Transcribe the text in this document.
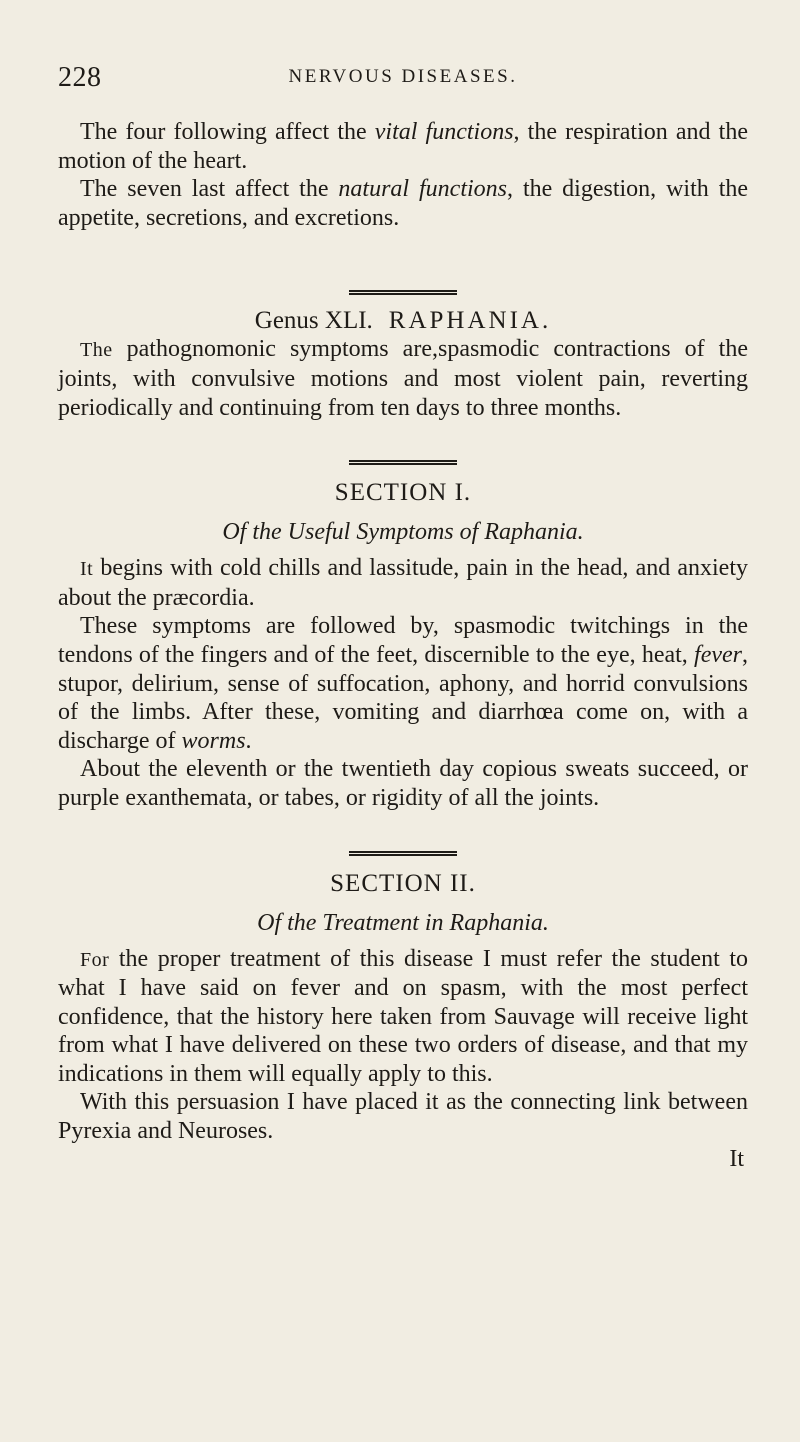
228	NERVOUS DISEASES.

The four following affect the vital functions, the respiration and the motion of the heart.

The seven last affect the natural functions, the digestion, with the appetite, secretions, and excretions.

Genus XLI. RAPHANIA.

The pathognomonic symptoms are,spasmodic contractions of the joints, with convulsive motions and most violent pain, reverting periodically and continuing from ten days to three months.

SECTION I.
Of the Useful Symptoms of Raphania.

It begins with cold chills and lassitude, pain in the head, and anxiety about the præcordia.

These symptoms are followed by, spasmodic twitchings in the tendons of the fingers and of the feet, discernible to the eye, heat, fever, stupor, delirium, sense of suffocation, aphony, and horrid convulsions of the limbs. After these, vomiting and diarrhœa come on, with a discharge of worms.

About the eleventh or the twentieth day copious sweats succeed, or purple exanthemata, or tabes, or rigidity of all the joints.

SECTION II.
Of the Treatment in Raphania.

For the proper treatment of this disease I must refer the student to what I have said on fever and on spasm, with the most perfect confidence, that the history here taken from Sauvage will receive light from what I have delivered on these two orders of disease, and that my indications in them will equally apply to this.

With this persuasion I have placed it as the connecting link between Pyrexia and Neuroses.

It
